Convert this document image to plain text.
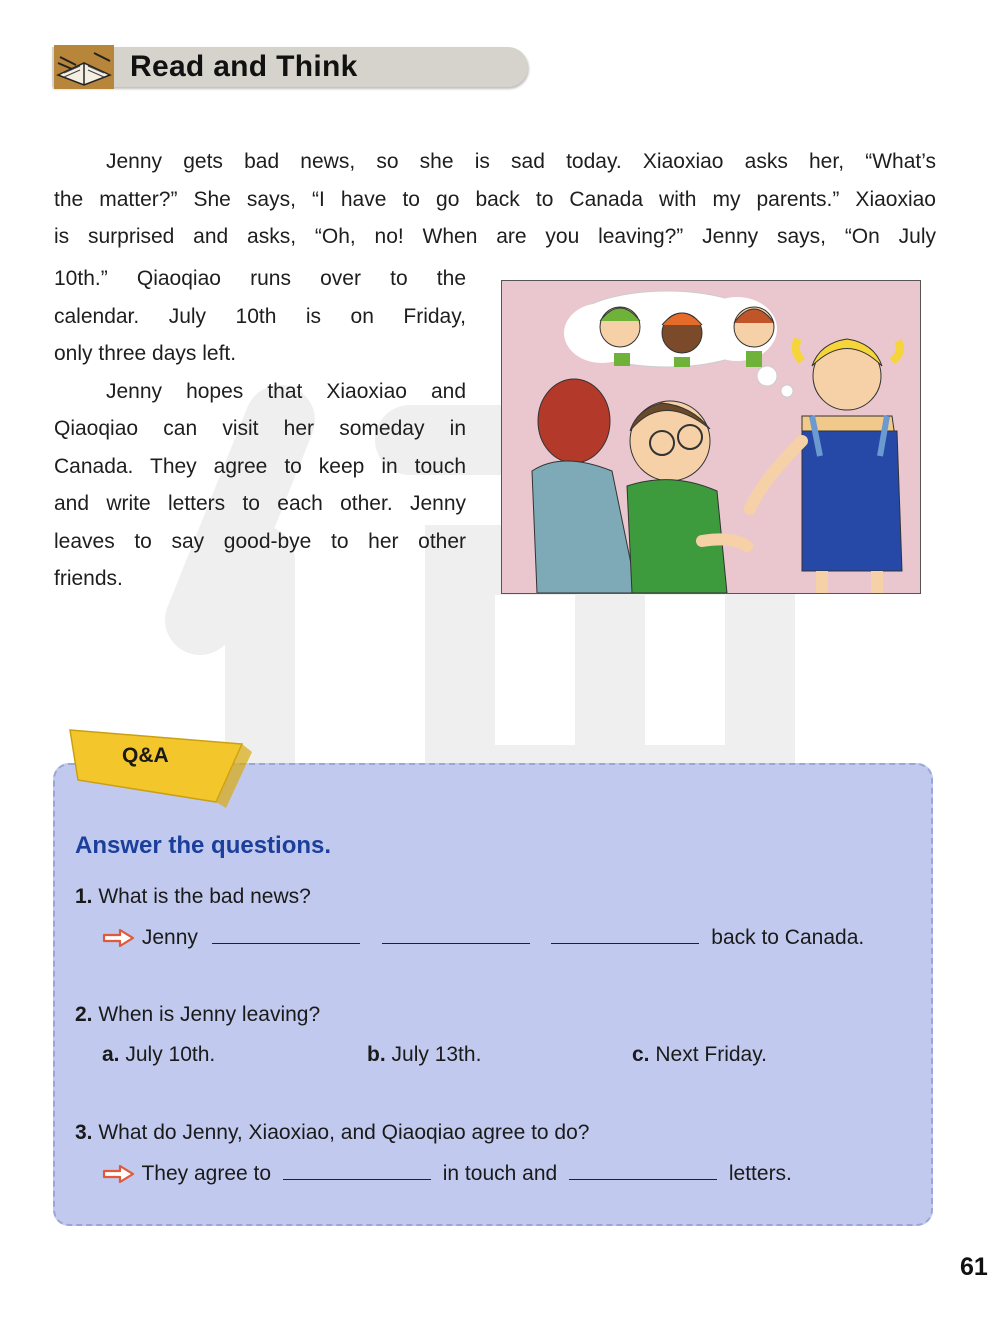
Read and Think
Jenny gets bad news, so she is sad today. Xiaoxiao asks her, “What’s
the matter?” She says, “I have to go back to Canada with my parents.” Xiaoxiao
is surprised and asks, “Oh, no! When are you leaving?” Jenny says, “On July
10th.” Qiaoqiao runs over to the
calendar. July 10th is on Friday,
only three days left.
Jenny hopes that Xiaoxiao and
Qiaoqiao can visit her someday in
Canada. They agree to keep in touch
and write letters to each other. Jenny
leaves to say good-bye to her other
friends.
Q&A
Answer the questions.
1. What is the bad news?
Jenny	back to Canada.
2. When is Jenny leaving?
a. July 10th.	b. July 13th.	c. Next Friday.
3. What do Jenny, Xiaoxiao, and Qiaoqiao agree to do?
They agree to	in touch and	letters.
61
